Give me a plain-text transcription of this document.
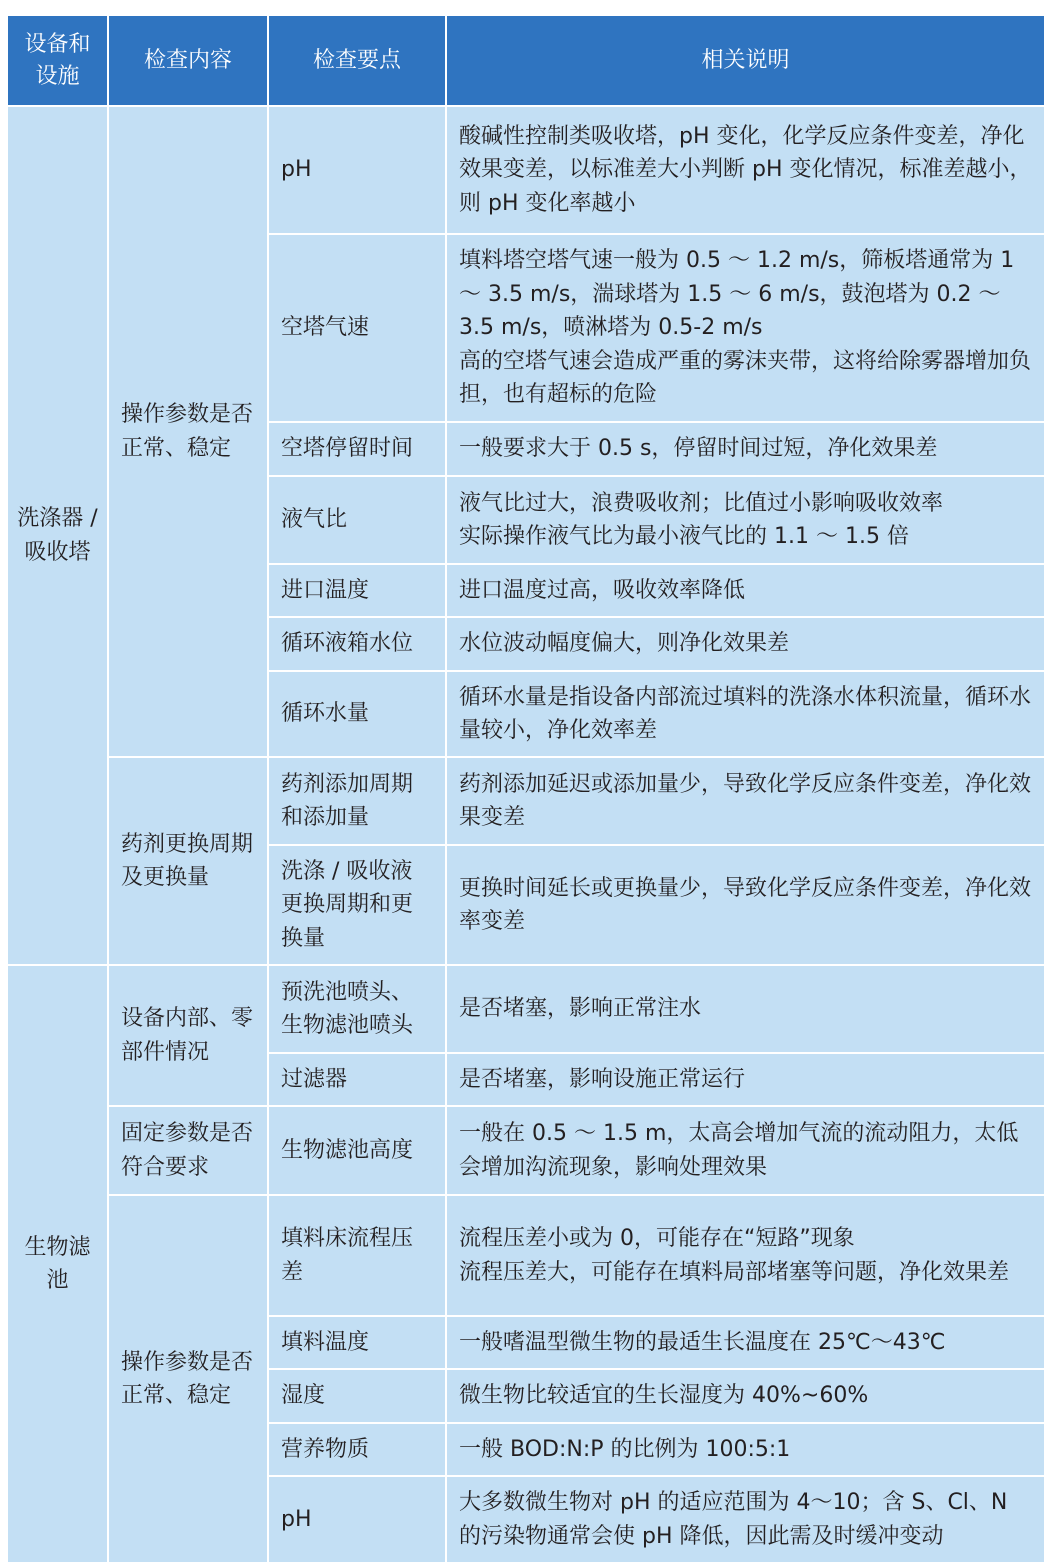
设备和设施	检查内容	检查要点	相关说明
洗涤器 / 吸收塔	操作参数是否正常、稳定	pH	酸碱性控制类吸收塔，pH 变化，化学反应条件变差，净化效果变差，以标准差大小判断 pH 变化情况，标准差越小，则 pH 变化率越小

		空塔气速	填料塔空塔气速一般为 0.5 ～ 1.2 m/s，筛板塔通常为 1 ～ 3.5 m/s，湍球塔为 1.5 ～ 6 m/s，鼓泡塔为 0.2 ～ 3.5 m/s，喷淋塔为 0.5-2 m/s

高的空塔气速会造成严重的雾沫夹带，这将给除雾器增加负担，也有超标的危险

		空塔停留时间	一般要求大于 0.5 s，停留时间过短，净化效果差

		液气比	液气比过大，浪费吸收剂；比值过小影响吸收效率

实际操作液气比为最小液气比的 1.1 ～ 1.5 倍

		进口温度	进口温度过高，吸收效率降低

		循环液箱水位	水位波动幅度偏大，则净化效果差

		循环水量	循环水量是指设备内部流过填料的洗涤水体积流量，循环水量较小，净化效率差

	药剂更换周期及更换量	药剂添加周期和添加量	药剂添加延迟或添加量少，导致化学反应条件变差，净化效果变差

		洗涤 / 吸收液更换周期和更换量	更换时间延长或更换量少，导致化学反应条件变差，净化效率变差

生物滤池	设备内部、零部件情况	预洗池喷头、生物滤池喷头	是否堵塞，影响正常注水

		过滤器	是否堵塞，影响设施正常运行

	固定参数是否符合要求	生物滤池高度	一般在 0.5 ～ 1.5 m，太高会增加气流的流动阻力，太低会增加沟流现象，影响处理效果

	操作参数是否正常、稳定	填料床流程压差	流程压差小或为 0，可能存在“短路”现象

流程压差大，可能存在填料局部堵塞等问题，净化效果差

		填料温度	一般嗜温型微生物的最适生长温度在 25℃～43℃

		湿度	微生物比较适宜的生长湿度为 40%~60%

		营养物质	一般 BOD:N:P 的比例为 100:5:1

		pH	大多数微生物对 pH 的适应范围为 4～10；含 S、Cl、N 的污染物通常会使 pH 降低，因此需及时缓冲变动
